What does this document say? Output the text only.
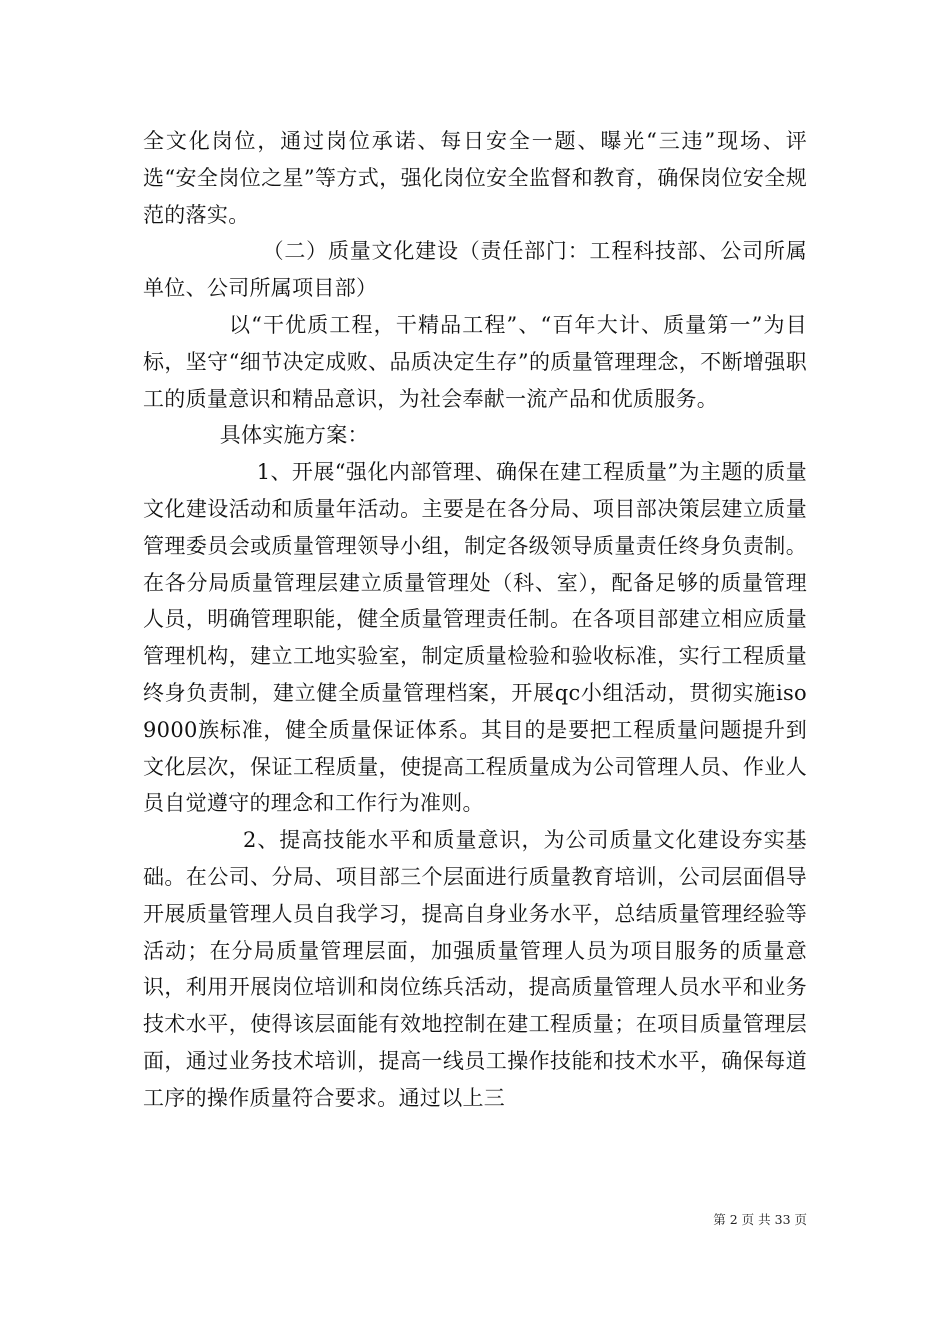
全文化岗位，通过岗位承诺、每日安全一题、曝光“三违”现场、评选“安全岗位之星”等方式，强化岗位安全监督和教育，确保岗位安全规范的落实。

（二）质量文化建设（责任部门：工程科技部、公司所属单位、公司所属项目部）

以“干优质工程，干精品工程”、“百年大计、质量第一”为目标，坚守“细节决定成败、品质决定生存”的质量管理理念，不断增强职工的质量意识和精品意识，为社会奉献一流产品和优质服务。

具体实施方案：

1、开展“强化内部管理、确保在建工程质量”为主题的质量文化建设活动和质量年活动。主要是在各分局、项目部决策层建立质量管理委员会或质量管理领导小组，制定各级领导质量责任终身负责制。在各分局质量管理层建立质量管理处（科、室），配备足够的质量管理人员，明确管理职能，健全质量管理责任制。在各项目部建立相应质量管理机构，建立工地实验室，制定质量检验和验收标准，实行工程质量终身负责制，建立健全质量管理档案，开展qc小组活动，贯彻实施iso9000族标准，健全质量保证体系。其目的是要把工程质量问题提升到文化层次，保证工程质量，使提高工程质量成为公司管理人员、作业人员自觉遵守的理念和工作行为准则。

2、提高技能水平和质量意识，为公司质量文化建设夯实基础。在公司、分局、项目部三个层面进行质量教育培训，公司层面倡导开展质量管理人员自我学习，提高自身业务水平，总结质量管理经验等活动；在分局质量管理层面，加强质量管理人员为项目服务的质量意识，利用开展岗位培训和岗位练兵活动，提高质量管理人员水平和业务技术水平，使得该层面能有效地控制在建工程质量；在项目质量管理层面，通过业务技术培训，提高一线员工操作技能和技术水平，确保每道工序的操作质量符合要求。通过以上三

第 2 页 共 33 页
